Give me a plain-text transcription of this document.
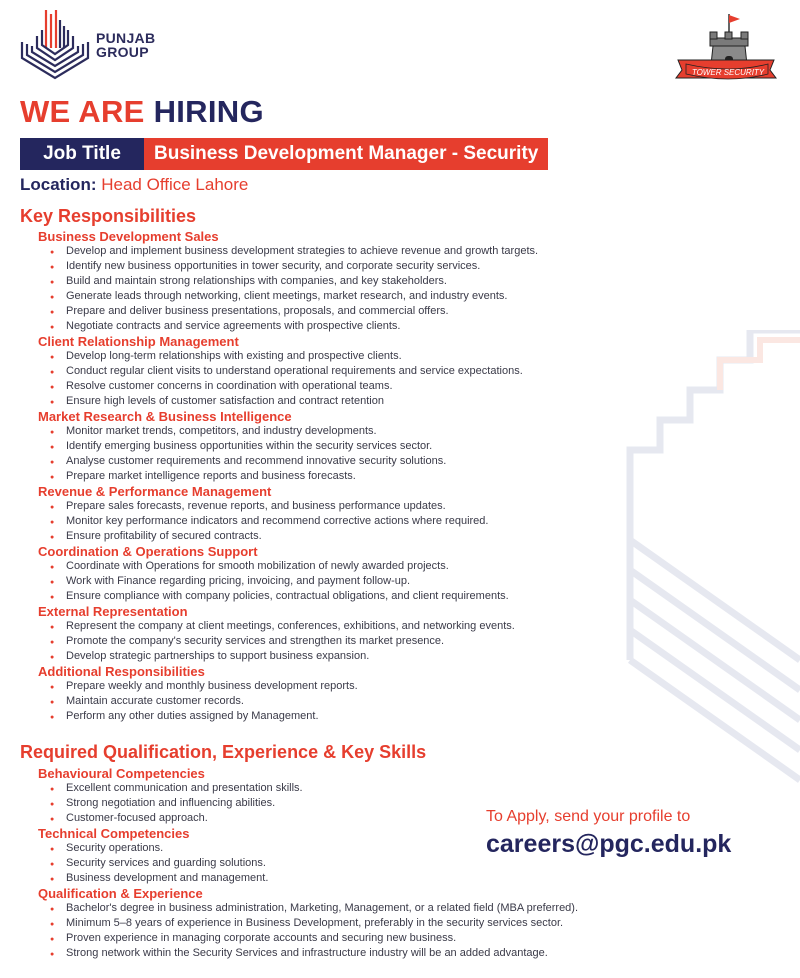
PUNJAB
GROUP
TOWER SECURITY
WE ARE HIRING
Job Title	Business Development Manager - Security
Location: Head Office Lahore
Key Responsibilities
Business Development Sales
● Develop and implement business development strategies to achieve revenue and growth targets.
● Identify new business opportunities in tower security, and corporate security services.
● Build and maintain strong relationships with companies, and key stakeholders.
● Generate leads through networking, client meetings, market research, and industry events.
● Prepare and deliver business presentations, proposals, and commercial offers.
● Negotiate contracts and service agreements with prospective clients.
Client Relationship Management
● Develop long-term relationships with existing and prospective clients.
● Conduct regular client visits to understand operational requirements and service expectations.
● Resolve customer concerns in coordination with operational teams.
● Ensure high levels of customer satisfaction and contract retention
Market Research & Business Intelligence
● Monitor market trends, competitors, and industry developments.
● Identify emerging business opportunities within the security services sector.
● Analyse customer requirements and recommend innovative security solutions.
● Prepare market intelligence reports and business forecasts.
Revenue & Performance Management
● Prepare sales forecasts, revenue reports, and business performance updates.
● Monitor key performance indicators and recommend corrective actions where required.
● Ensure profitability of secured contracts.
Coordination & Operations Support
● Coordinate with Operations for smooth mobilization of newly awarded projects.
● Work with Finance regarding pricing, invoicing, and payment follow-up.
● Ensure compliance with company policies, contractual obligations, and client requirements.
External Representation
● Represent the company at client meetings, conferences, exhibitions, and networking events.
● Promote the company's security services and strengthen its market presence.
● Develop strategic partnerships to support business expansion.
Additional Responsibilities
● Prepare weekly and monthly business development reports.
● Maintain accurate customer records.
● Perform any other duties assigned by Management.
Required Qualification, Experience & Key Skills
Behavioural Competencies
● Excellent communication and presentation skills.
● Strong negotiation and influencing abilities.
● Customer-focused approach.
Technical Competencies
● Security operations.
● Security services and guarding solutions.
● Business development and management.
Qualification & Experience
● Bachelor's degree in business administration, Marketing, Management, or a related field (MBA preferred).
● Minimum 5–8 years of experience in Business Development, preferably in the security services sector.
● Proven experience in managing corporate accounts and securing new business.
● Strong network within the Security Services and infrastructure industry will be an added advantage.
To Apply, send your profile to
careers@pgc.edu.pk
